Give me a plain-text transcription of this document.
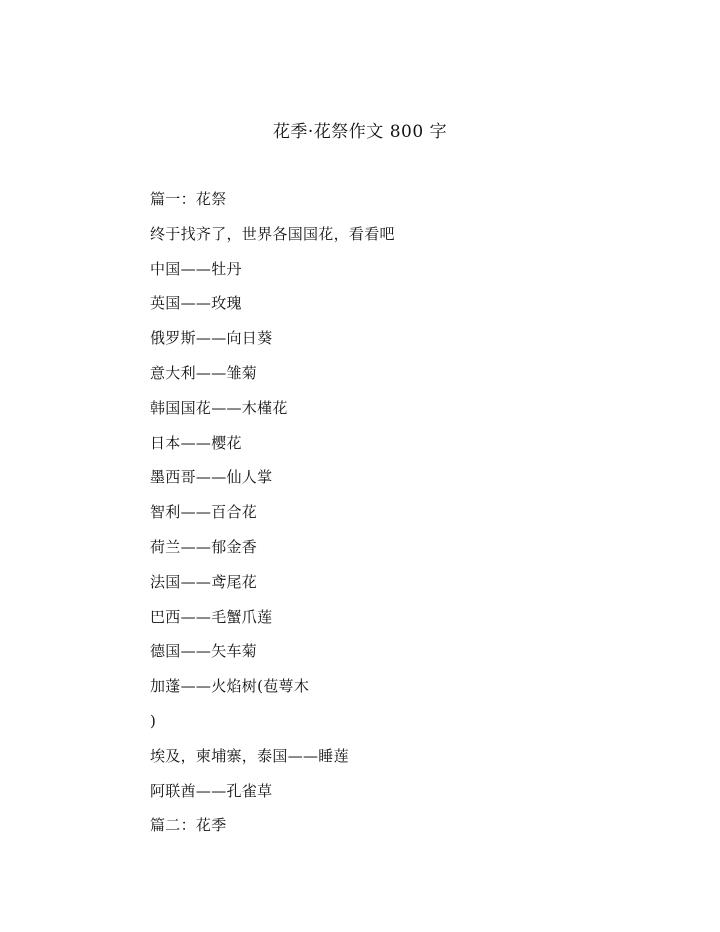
花季·花祭作文 800 字
篇一：花祭
终于找齐了，世界各国国花，看看吧
中国——牡丹
英国——玫瑰
俄罗斯——向日葵
意大利——雏菊
韩国国花——木槿花
日本——樱花
墨西哥——仙人掌
智利——百合花
荷兰——郁金香
法国——鸢尾花
巴西——毛蟹爪莲
德国——矢车菊
加蓬——火焰树(苞萼木
)
埃及，柬埔寨，泰国——睡莲
阿联酋——孔雀草
篇二：花季
